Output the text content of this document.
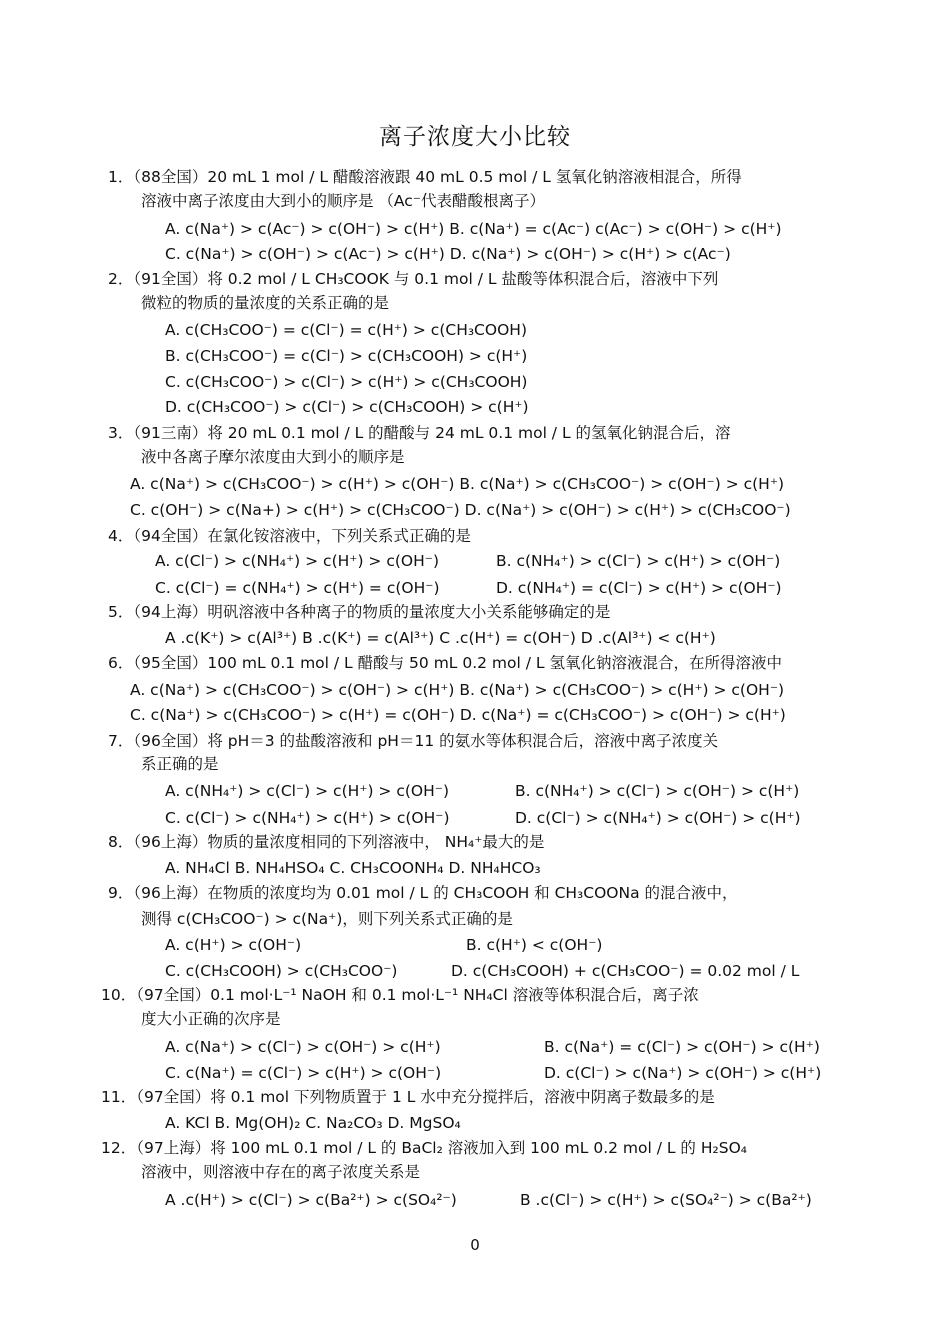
离子浓度大小比较
1．（88全国）20 mL 1 mol / L 醋酸溶液跟 40 mL 0.5 mol / L 氢氧化钠溶液相混合，所得
溶液中离子浓度由大到小的顺序是 （Ac⁻代表醋酸根离子）
A. c(Na⁺) > c(Ac⁻) > c(OH⁻) > c(H⁺) B. c(Na⁺) = c(Ac⁻) c(Ac⁻) > c(OH⁻) > c(H⁺)
C. c(Na⁺) > c(OH⁻) > c(Ac⁻) > c(H⁺) D. c(Na⁺) > c(OH⁻) > c(H⁺) > c(Ac⁻)
2．（91全国）将 0.2 mol / L CH₃COOK 与 0.1 mol / L 盐酸等体积混合后，溶液中下列
微粒的物质的量浓度的关系正确的是
A. c(CH₃COO⁻) = c(Cl⁻) = c(H⁺) > c(CH₃COOH)
B. c(CH₃COO⁻) = c(Cl⁻) > c(CH₃COOH) > c(H⁺)
C. c(CH₃COO⁻) > c(Cl⁻) > c(H⁺) > c(CH₃COOH)
D. c(CH₃COO⁻) > c(Cl⁻) > c(CH₃COOH) > c(H⁺)
3．（91三南）将 20 mL 0.1 mol / L 的醋酸与 24 mL 0.1 mol / L 的氢氧化钠混合后，溶
液中各离子摩尔浓度由大到小的顺序是
A. c(Na⁺) > c(CH₃COO⁻) > c(H⁺) > c(OH⁻) B. c(Na⁺) > c(CH₃COO⁻) > c(OH⁻) > c(H⁺)
C. c(OH⁻) > c(Na+) > c(H⁺) > c(CH₃COO⁻) D. c(Na⁺) > c(OH⁻) > c(H⁺) > c(CH₃COO⁻)
4．（94全国）在氯化铵溶液中，下列关系式正确的是
A. c(Cl⁻) > c(NH₄⁺) > c(H⁺) > c(OH⁻)	B. c(NH₄⁺) > c(Cl⁻) > c(H⁺) > c(OH⁻)
C. c(Cl⁻) = c(NH₄⁺) > c(H⁺) = c(OH⁻)	D. c(NH₄⁺) = c(Cl⁻) > c(H⁺) > c(OH⁻)
5．（94上海）明矾溶液中各种离子的物质的量浓度大小关系能够确定的是
A .c(K⁺) > c(Al³⁺) B .c(K⁺) = c(Al³⁺) C .c(H⁺) = c(OH⁻) D .c(Al³⁺) < c(H⁺)
6．（95全国）100 mL 0.1 mol / L 醋酸与 50 mL 0.2 mol / L 氢氧化钠溶液混合，在所得溶液中
A. c(Na⁺) > c(CH₃COO⁻) > c(OH⁻) > c(H⁺) B. c(Na⁺) > c(CH₃COO⁻) > c(H⁺) > c(OH⁻)
C. c(Na⁺) > c(CH₃COO⁻) > c(H⁺) = c(OH⁻) D. c(Na⁺) = c(CH₃COO⁻) > c(OH⁻) > c(H⁺)
7．（96全国）将 pH＝3 的盐酸溶液和 pH＝11 的氨水等体积混合后，溶液中离子浓度关
系正确的是
A. c(NH₄⁺) > c(Cl⁻) > c(H⁺) > c(OH⁻)	B. c(NH₄⁺) > c(Cl⁻) > c(OH⁻) > c(H⁺)
C. c(Cl⁻) > c(NH₄⁺) > c(H⁺) > c(OH⁻)	D. c(Cl⁻) > c(NH₄⁺) > c(OH⁻) > c(H⁺)
8．（96上海）物质的量浓度相同的下列溶液中， NH₄⁺最大的是
A. NH₄Cl B. NH₄HSO₄ C. CH₃COONH₄ D. NH₄HCO₃
9．（96上海）在物质的浓度均为 0.01 mol / L 的 CH₃COOH 和 CH₃COONa 的混合液中，
测得 c(CH₃COO⁻) > c(Na⁺)，则下列关系式正确的是
A. c(H⁺) > c(OH⁻)	B. c(H⁺) < c(OH⁻)
C. c(CH₃COOH) > c(CH₃COO⁻)	D. c(CH₃COOH) + c(CH₃COO⁻) = 0.02 mol / L
10．（97全国）0.1 mol·L⁻¹ NaOH 和 0.1 mol·L⁻¹ NH₄Cl 溶液等体积混合后，离子浓
度大小正确的次序是
A. c(Na⁺) > c(Cl⁻) > c(OH⁻) > c(H⁺)	B. c(Na⁺) = c(Cl⁻) > c(OH⁻) > c(H⁺)
C. c(Na⁺) = c(Cl⁻) > c(H⁺) > c(OH⁻)	D. c(Cl⁻) > c(Na⁺) > c(OH⁻) > c(H⁺)
11．（97全国）将 0.1 mol 下列物质置于 1 L 水中充分搅拌后，溶液中阴离子数最多的是
A. KCl B. Mg(OH)₂ C. Na₂CO₃ D. MgSO₄
12．（97上海）将 100 mL 0.1 mol / L 的 BaCl₂ 溶液加入到 100 mL 0.2 mol / L 的 H₂SO₄
溶液中，则溶液中存在的离子浓度关系是
A .c(H⁺) > c(Cl⁻) > c(Ba²⁺) > c(SO₄²⁻)	B .c(Cl⁻) > c(H⁺) > c(SO₄²⁻) > c(Ba²⁺)
0
